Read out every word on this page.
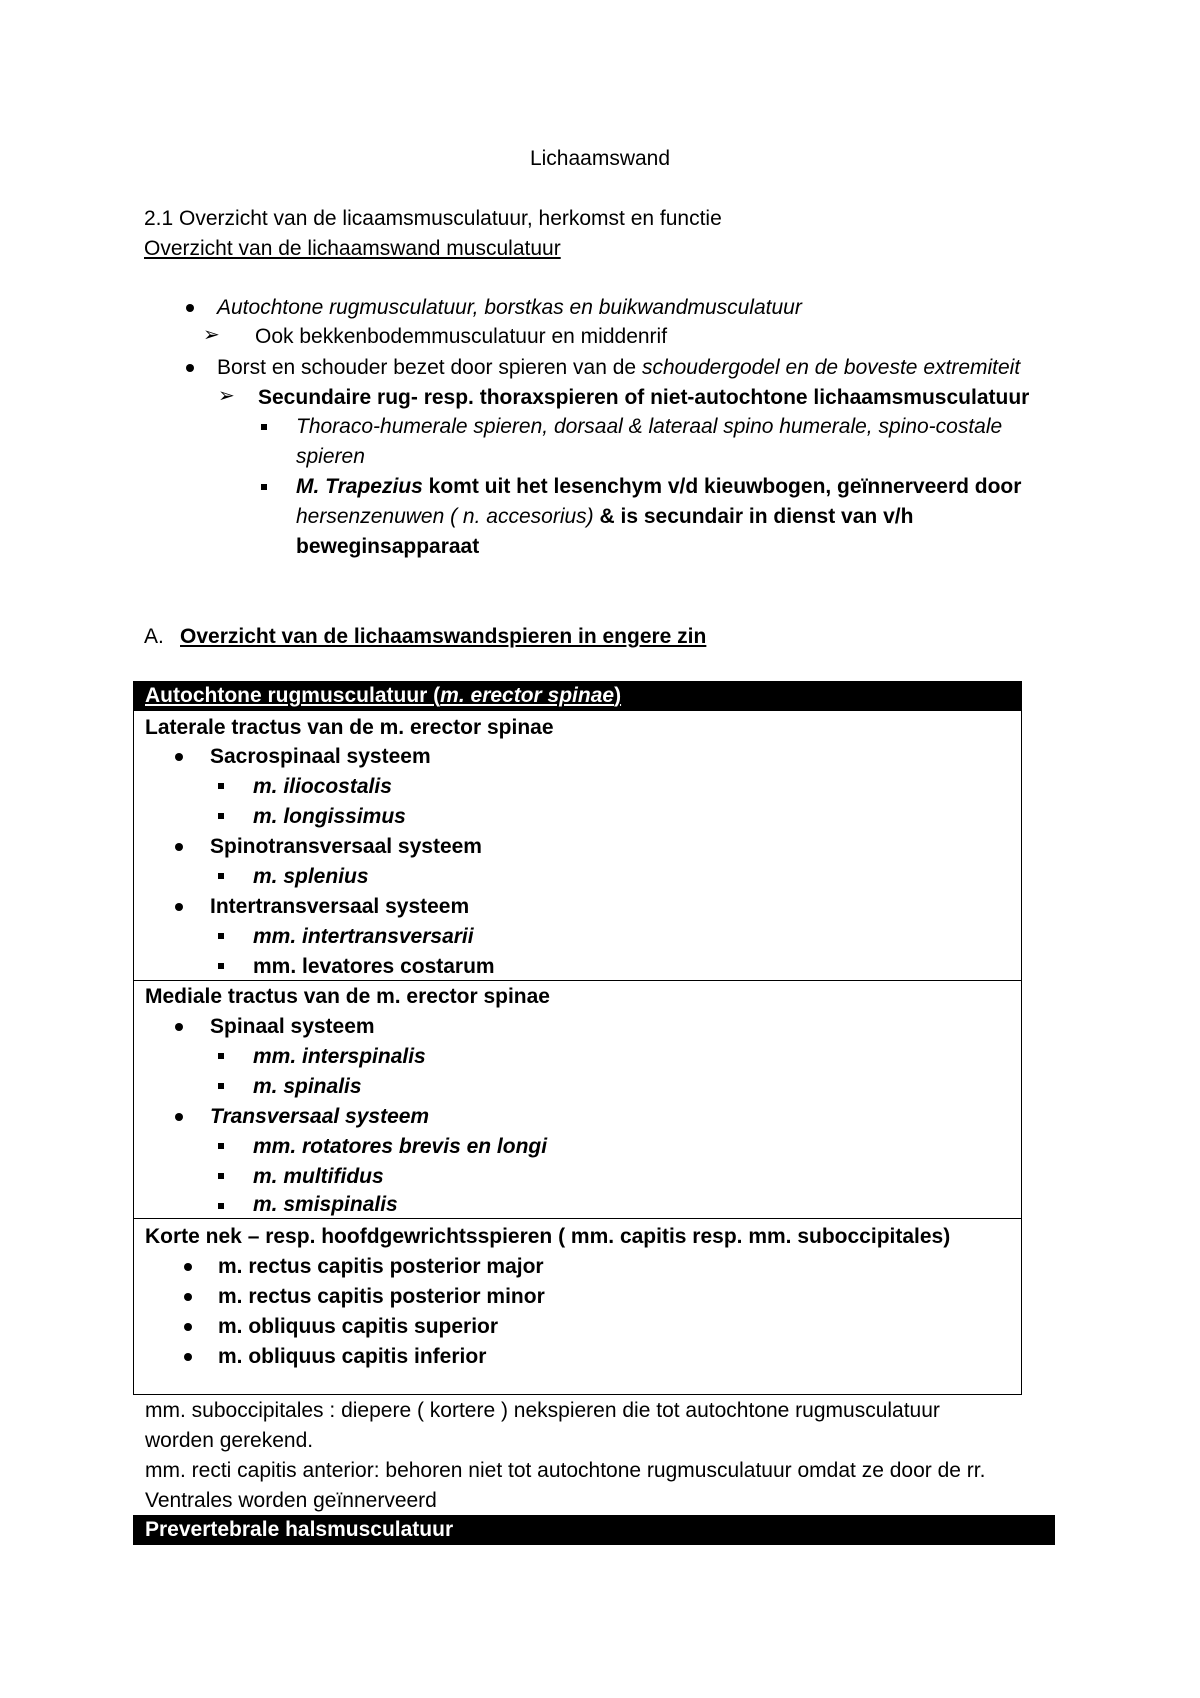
Lichaamswand
2.1 Overzicht van de licaamsmusculatuur, herkomst en functie
Overzicht van de lichaamswand musculatuur
Autochtone rugmusculatuur, borstkas en buikwandmusculatuur
➢ Ook bekkenbodemmusculatuur en middenrif
Borst en schouder bezet door spieren van de schoudergodel en de boveste extremiteit
➢ Secundaire rug- resp. thoraxspieren of niet-autochtone lichaamsmusculatuur
Thoraco-humerale spieren, dorsaal & lateraal spino humerale, spino-costale
spieren
M. Trapezius komt uit het lesenchym v/d kieuwbogen, geïnnerveerd door
hersenzenuwen ( n. accesorius) & is secundair in dienst van v/h
beweginsapparaat
A. Overzicht van de lichaamswandspieren in engere zin
Autochtone rugmusculatuur (m. erector spinae)
Laterale tractus van de m. erector spinae
Sacrospinaal systeem
m. iliocostalis
m. longissimus
Spinotransversaal systeem
m. splenius
Intertransversaal systeem
mm. intertransversarii
mm. levatores costarum
Mediale tractus van de m. erector spinae
Spinaal systeem
mm. interspinalis
m. spinalis
Transversaal systeem
mm. rotatores brevis en longi
m. multifidus
m. smispinalis
Korte nek – resp. hoofdgewrichtsspieren ( mm. capitis resp. mm. suboccipitales)
m. rectus capitis posterior major
m. rectus capitis posterior minor
m. obliquus capitis superior
m. obliquus capitis inferior
mm. suboccipitales : diepere ( kortere ) nekspieren die tot autochtone rugmusculatuur
worden gerekend.
mm. recti capitis anterior: behoren niet tot autochtone rugmusculatuur omdat ze door de rr.
Ventrales worden geïnnerveerd
Prevertebrale halsmusculatuur
